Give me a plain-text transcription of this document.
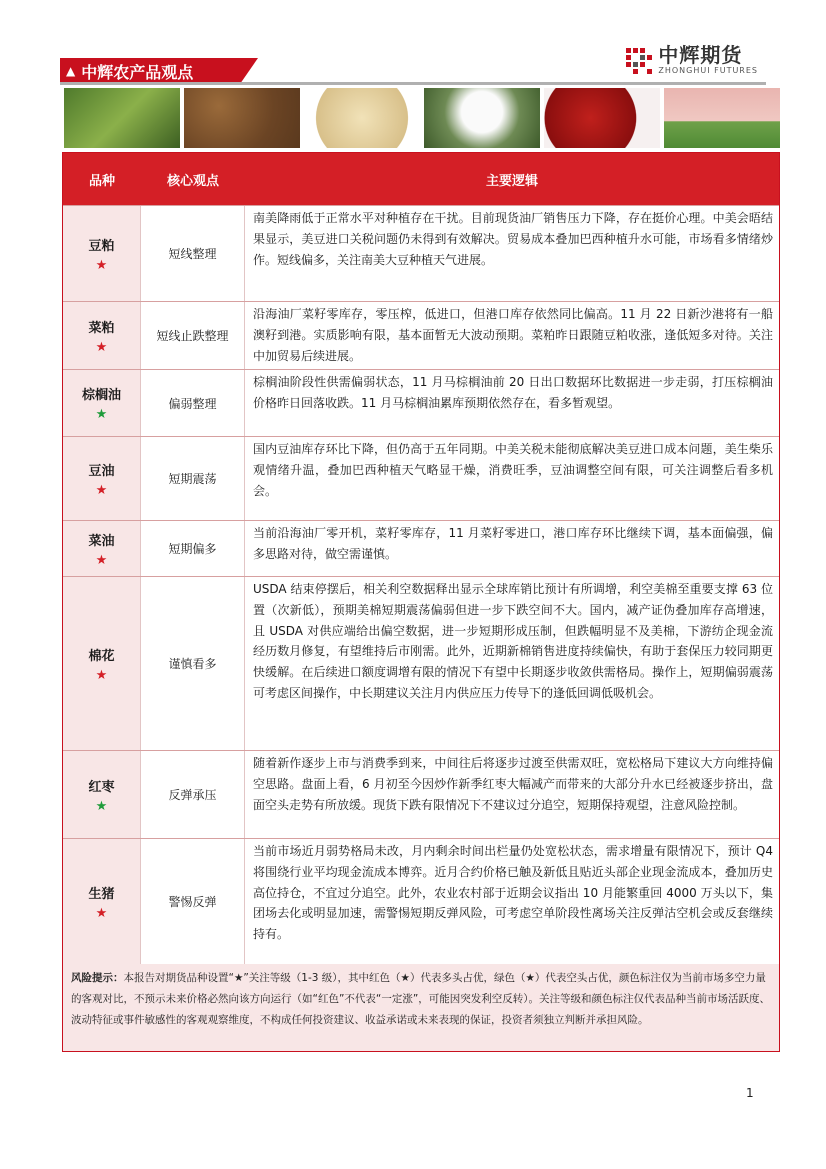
▲ 中辉农产品观点
中辉期货
ZHONGHUI FUTURES
品种	核心观点	主要逻辑
豆粕
★
短线整理
南美降雨低于正常水平对种植存在干扰。目前现货油厂销售压力下降，存在挺价心理。中美会晤结果显示，美豆进口关税问题仍未得到有效解决。贸易成本叠加巴西种植升水可能，市场看多情绪炒作。短线偏多，关注南美大豆种植天气进展。
菜粕
★
短线止跌整理
沿海油厂菜籽零库存，零压榨，低进口，但港口库存依然同比偏高。11 月 22 日新沙港将有一船澳籽到港。实质影响有限，基本面暂无大波动预期。菜粕昨日跟随豆粕收涨，逢低短多对待。关注中加贸易后续进展。
棕榈油
★
偏弱整理
棕榈油阶段性供需偏弱状态，11 月马棕榈油前 20 日出口数据环比数据进一步走弱，打压棕榈油价格昨日回落收跌。11 月马棕榈油累库预期依然存在，看多暂观望。
豆油
★
短期震荡
国内豆油库存环比下降，但仍高于五年同期。中美关税未能彻底解决美豆进口成本问题，美生柴乐观情绪升温，叠加巴西种植天气略显干燥，消费旺季，豆油调整空间有限，可关注调整后看多机会。
菜油
★
短期偏多
当前沿海油厂零开机，菜籽零库存，11 月菜籽零进口，港口库存环比继续下调，基本面偏强，偏多思路对待，做空需谨慎。
棉花
★
谨慎看多
USDA 结束停摆后，相关利空数据释出显示全球库销比预计有所调增，利空美棉至重要支撑 63 位置（次新低），预期美棉短期震荡偏弱但进一步下跌空间不大。国内，减产证伪叠加库存高增速，且 USDA 对供应端给出偏空数据，进一步短期形成压制，但跌幅明显不及美棉，下游纺企现金流经历数月修复，有望维持后市刚需。此外，近期新棉销售进度持续偏快，有助于套保压力较同期更快缓解。在后续进口额度调增有限的情况下有望中长期逐步收敛供需格局。操作上，短期偏弱震荡可考虑区间操作，中长期建议关注月内供应压力传导下的逢低回调低吸机会。
红枣
★
反弹承压
随着新作逐步上市与消费季到来，中间往后将逐步过渡至供需双旺，宽松格局下建议大方向维持偏空思路。盘面上看，6 月初至今因炒作新季红枣大幅减产而带来的大部分升水已经被逐步挤出，盘面空头走势有所放缓。现货下跌有限情况下不建议过分追空，短期保持观望，注意风险控制。
生猪
★
警惕反弹
当前市场近月弱势格局未改，月内剩余时间出栏量仍处宽松状态，需求增量有限情况下，预计 Q4 将围绕行业平均现金流成本博弈。近月合约价格已触及新低且贴近头部企业现金流成本，叠加历史高位持仓，不宜过分追空。此外，农业农村部于近期会议指出 10 月能繁重回 4000 万头以下，集团场去化或明显加速，需警惕短期反弹风险，可考虑空单阶段性离场关注反弹沽空机会或反套继续持有。
风险提示：本报告对期货品种设置“★”关注等级（1-3 级），其中红色（★）代表多头占优，绿色（★）代表空头占优，颜色标注仅为当前市场多空力量的客观对比，不预示未来价格必然向该方向运行（如“红色”不代表“一定涨”，可能因突发利空反转）。关注等级和颜色标注仅代表品种当前市场活跃度、波动特征或事件敏感性的客观观察维度，不构成任何投资建议、收益承诺或未来表现的保证，投资者须独立判断并承担风险。
1
